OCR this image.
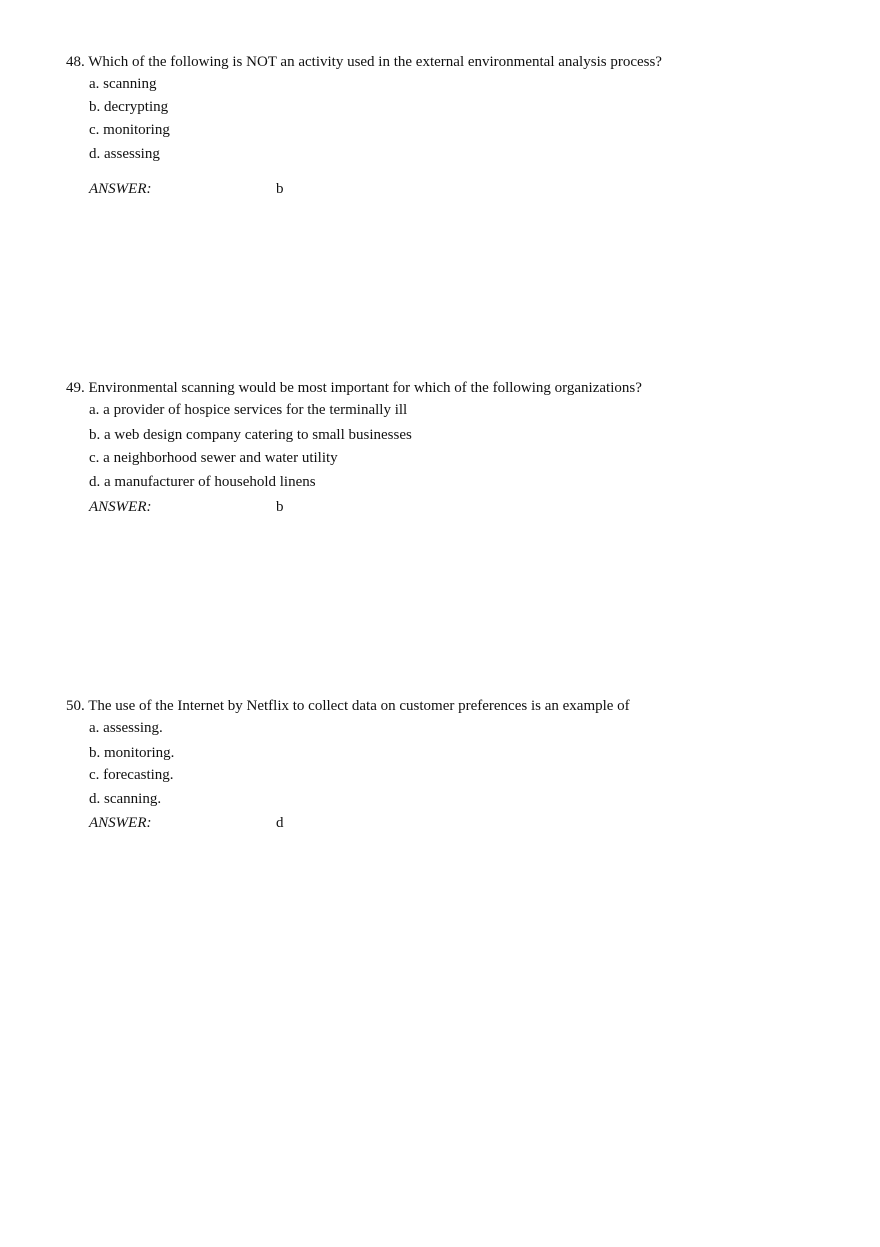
48. Which of the following is NOT an activity used in the external environmental analysis process?
a. scanning
b. decrypting
c. monitoring
d. assessing
ANSWER:	b
49. Environmental scanning would be most important for which of the following organizations?
a. a provider of hospice services for the terminally ill
b. a web design company catering to small businesses
c. a neighborhood sewer and water utility
d. a manufacturer of household linens
ANSWER:	b
50. The use of the Internet by Netflix to collect data on customer preferences is an example of
a. assessing.
b. monitoring.
c. forecasting.
d. scanning.
ANSWER:	d
